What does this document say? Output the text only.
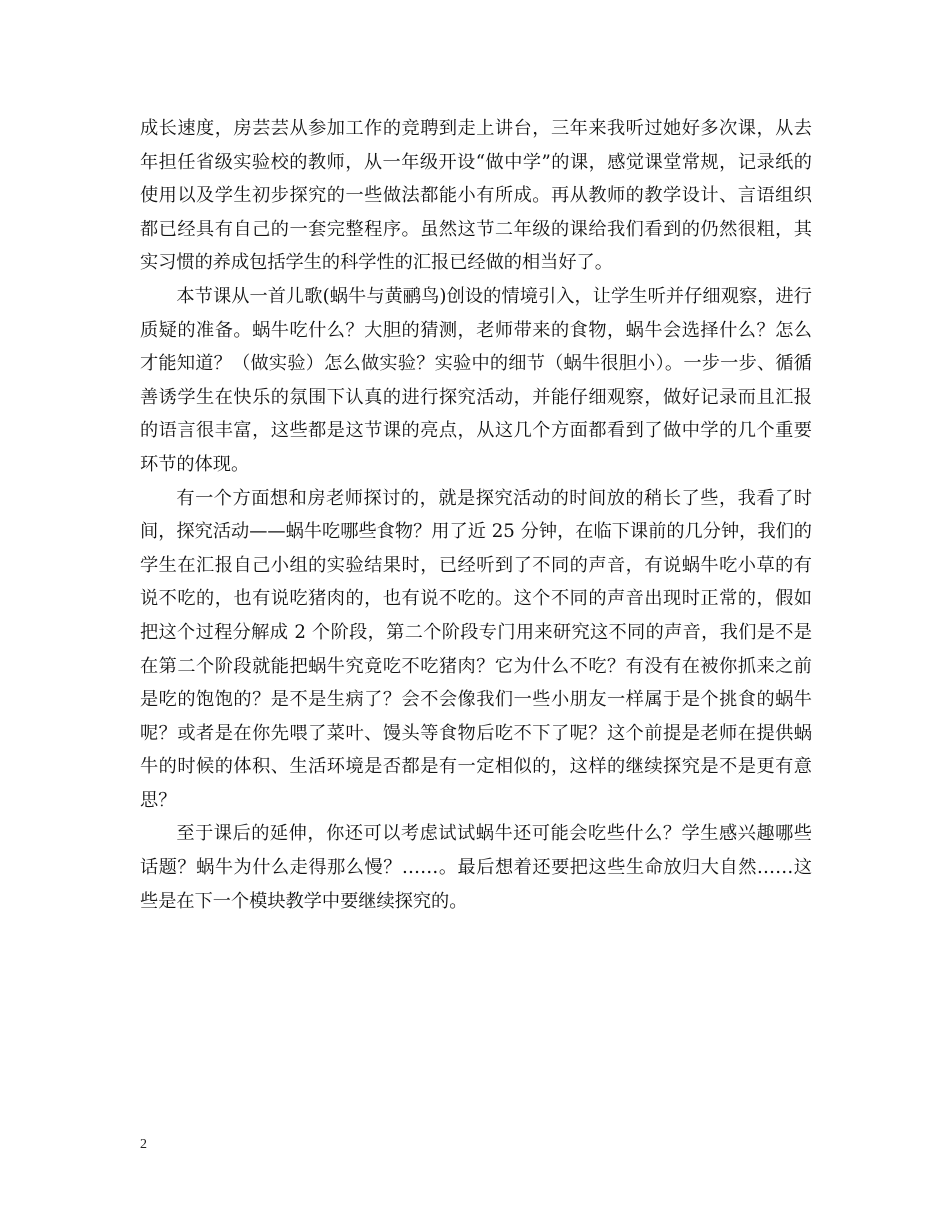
成长速度，房芸芸从参加工作的竞聘到走上讲台，三年来我听过她好多次课，从去年担任省级实验校的教师，从一年级开设“做中学”的课，感觉课堂常规，记录纸的使用以及学生初步探究的一些做法都能小有所成。再从教师的教学设计、言语组织都已经具有自己的一套完整程序。虽然这节二年级的课给我们看到的仍然很粗，其实习惯的养成包括学生的科学性的汇报已经做的相当好了。

本节课从一首儿歌(蜗牛与黄鹂鸟)创设的情境引入，让学生听并仔细观察，进行质疑的准备。蜗牛吃什么？大胆的猜测，老师带来的食物，蜗牛会选择什么？怎么才能知道？（做实验）怎么做实验？实验中的细节（蜗牛很胆小）。一步一步、循循善诱学生在快乐的氛围下认真的进行探究活动，并能仔细观察，做好记录而且汇报的语言很丰富，这些都是这节课的亮点，从这几个方面都看到了做中学的几个重要环节的体现。

有一个方面想和房老师探讨的，就是探究活动的时间放的稍长了些，我看了时间，探究活动——蜗牛吃哪些食物？用了近 25 分钟，在临下课前的几分钟，我们的学生在汇报自己小组的实验结果时，已经听到了不同的声音，有说蜗牛吃小草的有说不吃的，也有说吃猪肉的，也有说不吃的。这个不同的声音出现时正常的，假如把这个过程分解成 2 个阶段，第二个阶段专门用来研究这不同的声音，我们是不是在第二个阶段就能把蜗牛究竟吃不吃猪肉？它为什么不吃？有没有在被你抓来之前是吃的饱饱的？是不是生病了？会不会像我们一些小朋友一样属于是个挑食的蜗牛呢？或者是在你先喂了菜叶、馒头等食物后吃不下了呢？这个前提是老师在提供蜗牛的时候的体积、生活环境是否都是有一定相似的，这样的继续探究是不是更有意思？

至于课后的延伸，你还可以考虑试试蜗牛还可能会吃些什么？学生感兴趣哪些话题？蜗牛为什么走得那么慢？……。最后想着还要把这些生命放归大自然……这些是在下一个模块教学中要继续探究的。

2
